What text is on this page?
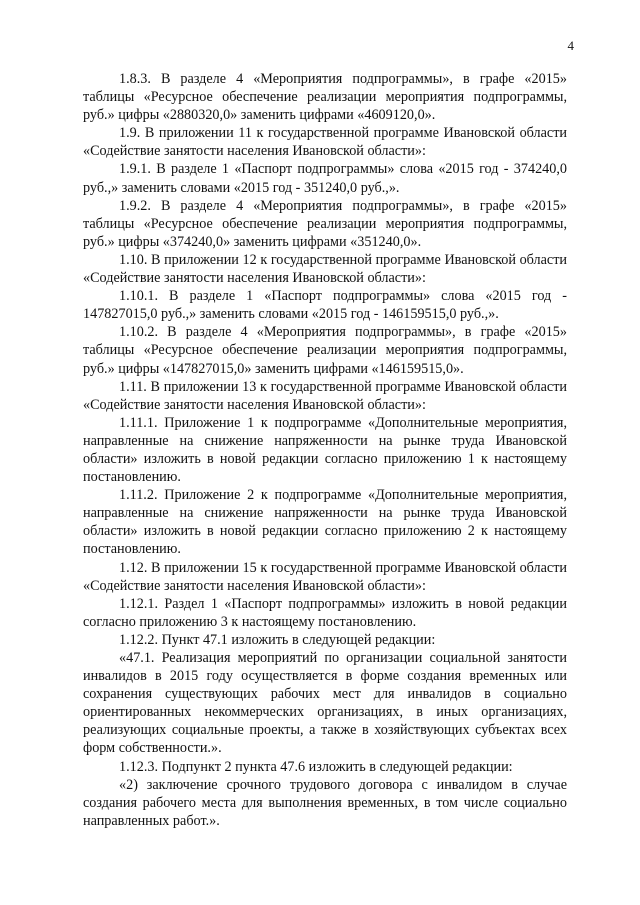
4

1.8.3. В разделе 4 «Мероприятия подпрограммы», в графе «2015» таблицы «Ресурсное обеспечение реализации мероприятия подпрограммы, руб.» цифры «2880320,0» заменить цифрами «4609120,0».

1.9. В приложении 11 к государственной программе Ивановской области «Содействие занятости населения Ивановской области»:

1.9.1. В разделе 1 «Паспорт подпрограммы» слова «2015 год - 374240,0 руб.,» заменить словами «2015 год - 351240,0 руб.,».

1.9.2. В разделе 4 «Мероприятия подпрограммы», в графе «2015» таблицы «Ресурсное обеспечение реализации мероприятия подпрограммы, руб.» цифры «374240,0» заменить цифрами «351240,0».

1.10. В приложении 12 к государственной программе Ивановской области «Содействие занятости населения Ивановской области»:

1.10.1. В разделе 1 «Паспорт подпрограммы» слова «2015 год - 147827015,0 руб.,» заменить словами «2015 год - 146159515,0 руб.,».

1.10.2. В разделе 4 «Мероприятия подпрограммы», в графе «2015» таблицы «Ресурсное обеспечение реализации мероприятия подпрограммы, руб.» цифры «147827015,0» заменить цифрами «146159515,0».

1.11. В приложении 13 к государственной программе Ивановской области «Содействие занятости населения Ивановской области»:

1.11.1. Приложение 1 к подпрограмме «Дополнительные мероприятия, направленные на снижение напряженности на рынке труда Ивановской области» изложить в новой редакции согласно приложению 1 к настоящему постановлению.

1.11.2. Приложение 2 к подпрограмме «Дополнительные мероприятия, направленные на снижение напряженности на рынке труда Ивановской области» изложить в новой редакции согласно приложению 2 к настоящему постановлению.

1.12. В приложении 15 к государственной программе Ивановской области «Содействие занятости населения Ивановской области»:

1.12.1. Раздел 1 «Паспорт подпрограммы» изложить в новой редакции согласно приложению 3 к настоящему постановлению.

1.12.2. Пункт 47.1 изложить в следующей редакции:

«47.1. Реализация мероприятий по организации социальной занятости инвалидов в 2015 году осуществляется в форме создания временных или сохранения существующих рабочих мест для инвалидов в социально ориентированных некоммерческих организациях, в иных организациях, реализующих социальные проекты, а также в хозяйствующих субъектах всех форм собственности.».

1.12.3. Подпункт 2 пункта 47.6 изложить в следующей редакции:

«2) заключение срочного трудового договора с инвалидом в случае создания рабочего места для выполнения временных, в том числе социально направленных работ.».
